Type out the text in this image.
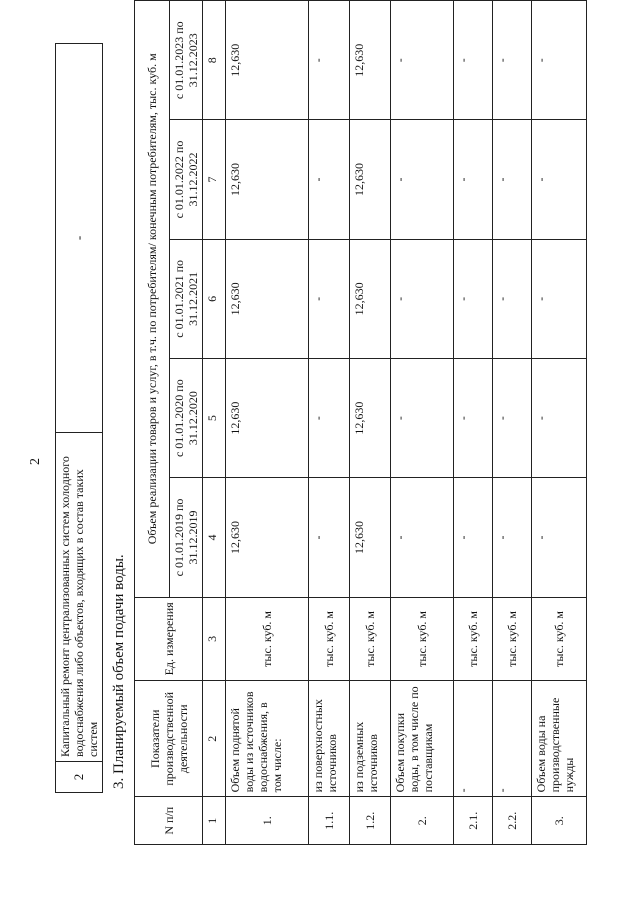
2
2	Капитальный ремонт централизованных систем холодного водоснабжения либо объектов, входящих в состав таких систем	-
3. Планируемый объем подачи воды.
N п/п	Показатели производственной деятельности	Ед. измерения	Объем реализации товаров и услуг, в т.ч. по потребителям/ конечным потребителям, тыс. куб. м				
			с 01.01.2019 по 31.12.2019	с 01.01.2020 по 31.12.2020	с 01.01.2021 по 31.12.2021	с 01.01.2022 по 31.12.2022	с 01.01.2023 по 31.12.2023
1	2	3	4	5	6	7	8
1.	Объем поднятой воды из источников водоснабжения, в том числе:	тыс. куб. м	12,630	12,630	12,630	12,630	12,630
1.1.	из поверхностных источников	тыс. куб. м	-	-	-	-	-
1.2.	из подземных источников	тыс. куб. м	12,630	12,630	12,630	12,630	12,630
2.	Объем покупки воды, в том числе по поставщикам	тыс. куб. м	-	-	-	-	-
2.1.	-	тыс. куб. м	-	-	-	-	-
2.2.	-	тыс. куб. м	-	-	-	-	-
3.	Объем воды на производственные нужды	тыс. куб. м	-	-	-	-	-
